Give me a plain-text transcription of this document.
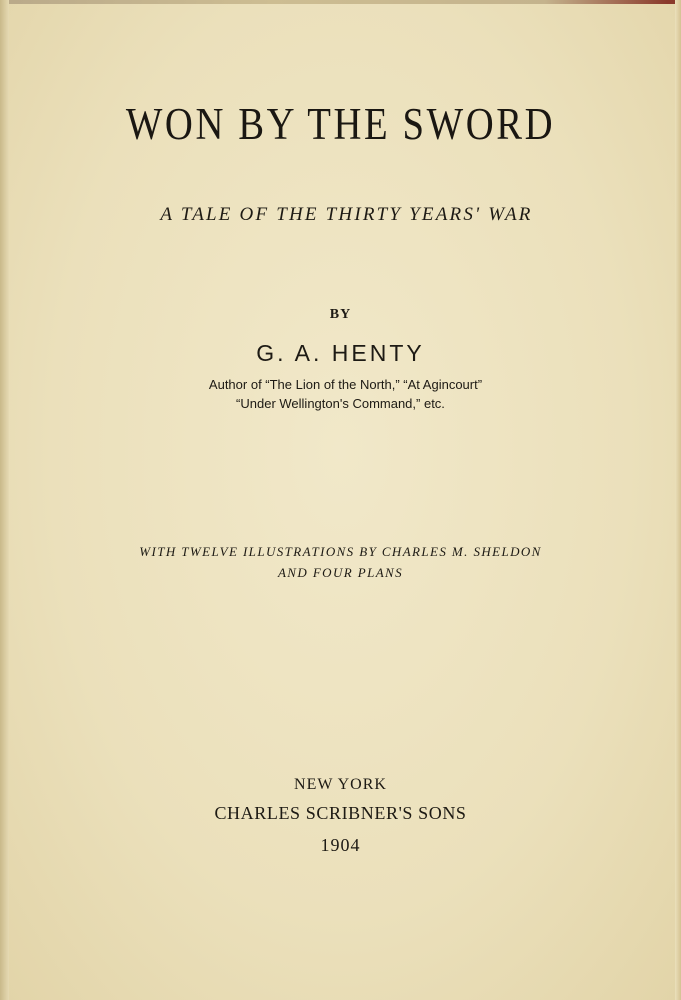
WON BY THE SWORD
A TALE OF THE THIRTY YEARS' WAR
BY
G. A. HENTY
Author of “The Lion of the North,” “At Agincourt”
“Under Wellington's Command,” etc.
WITH TWELVE ILLUSTRATIONS BY CHARLES M. SHELDON
AND FOUR PLANS
NEW YORK
CHARLES SCRIBNER'S SONS
1904
